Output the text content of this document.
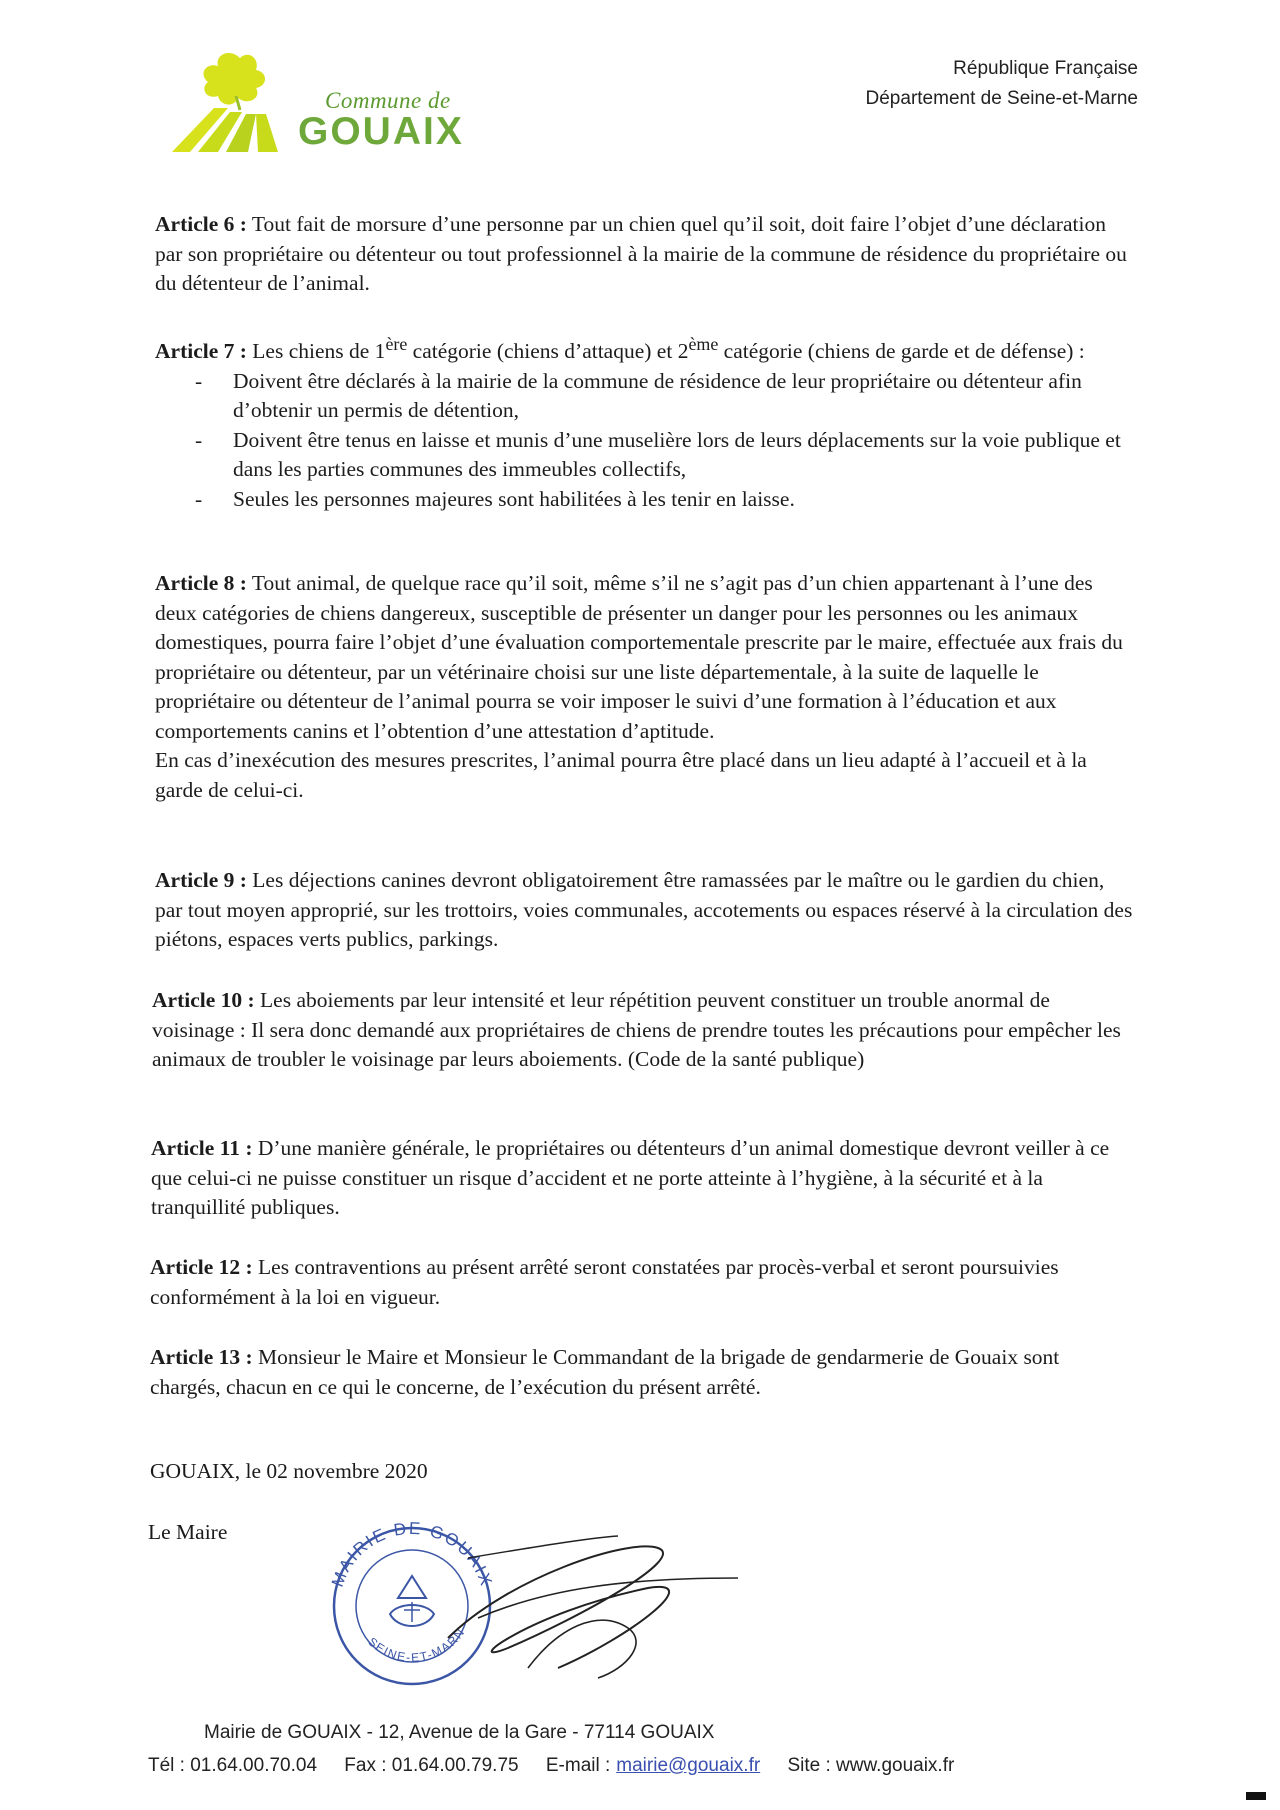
Commune de
GOUAIX
République Française
Département de Seine-et-Marne

Article 6 : Tout fait de morsure d’une personne par un chien quel qu’il soit, doit faire l’objet d’une déclaration par son propriétaire ou détenteur ou tout professionnel à la mairie de la commune de résidence du propriétaire ou du détenteur de l’animal.

Article 7 : Les chiens de 1ère catégorie (chiens d’attaque) et 2ème catégorie (chiens de garde et de défense) :

- Doivent être déclarés à la mairie de la commune de résidence de leur propriétaire ou détenteur afin d’obtenir un permis de détention,
- Doivent être tenus en laisse et munis d’une muselière lors de leurs déplacements sur la voie publique et dans les parties communes des immeubles collectifs,
- Seules les personnes majeures sont habilitées à les tenir en laisse.

Article 8 : Tout animal, de quelque race qu’il soit, même s’il ne s’agit pas d’un chien appartenant à l’une des deux catégories de chiens dangereux, susceptible de présenter un danger pour les personnes ou les animaux domestiques, pourra faire l’objet d’une évaluation comportementale prescrite par le maire, effectuée aux frais du propriétaire ou détenteur, par un vétérinaire choisi sur une liste départementale, à la suite de laquelle le propriétaire ou détenteur de l’animal pourra se voir imposer le suivi d’une formation à l’éducation et aux comportements canins et l’obtention d’une attestation d’aptitude.

En cas d’inexécution des mesures prescrites, l’animal pourra être placé dans un lieu adapté à l’accueil et à la garde de celui-ci.

Article 9 : Les déjections canines devront obligatoirement être ramassées par le maître ou le gardien du chien, par tout moyen approprié, sur les trottoirs, voies communales, accotements ou espaces réservé à la circulation des piétons, espaces verts publics, parkings.

Article 10 : Les aboiements par leur intensité et leur répétition peuvent constituer un trouble anormal de voisinage : Il sera donc demandé aux propriétaires de chiens de prendre toutes les précautions pour empêcher les animaux de troubler le voisinage par leurs aboiements. (Code de la santé publique)

Article 11 : D’une manière générale, le propriétaires ou détenteurs d’un animal domestique devront veiller à ce que celui-ci ne puisse constituer un risque d’accident et ne porte atteinte à l’hygiène, à la sécurité et à la tranquillité publiques.

Article 12 : Les contraventions au présent arrêté seront constatées par procès-verbal et seront poursuivies conformément à la loi en vigueur.

Article 13 : Monsieur le Maire et Monsieur le Commandant de la brigade de gendarmerie de Gouaix sont chargés, chacun en ce qui le concerne, de l’exécution du présent arrêté.

GOUAIX, le 02 novembre 2020
Le Maire
MAIRIE DE GOUAIX
SEINE-ET-MARN
Mairie de GOUAIX - 12, Avenue de la Gare - 77114 GOUAIX
Tél : 01.64.00.70.04 Fax : 01.64.00.79.75 E-mail : mairie@gouaix.fr Site : www.gouaix.fr
